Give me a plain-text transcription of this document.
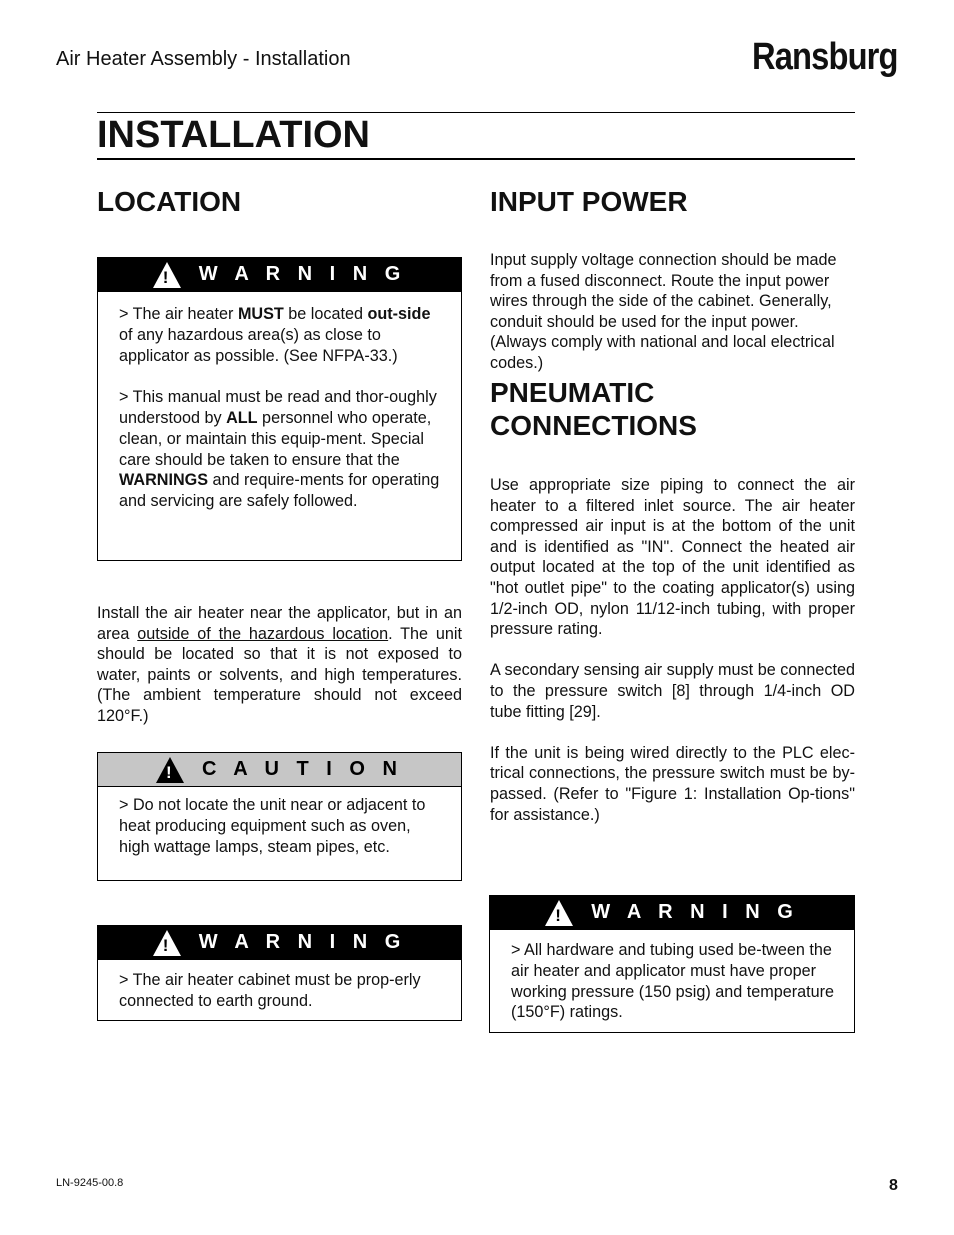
Air Heater Assembly - Installation	Ransburg
INSTALLATION
LOCATION
! W A R N I N G

> The air heater MUST be located out-side of any hazardous area(s) as close to applicator as possible. (See NFPA-33.)

> This manual must be read and thor-oughly understood by ALL personnel who operate, clean, or maintain this equip-ment. Special care should be taken to ensure that the WARNINGS and require-ments for operating and servicing are safely followed.

Install the air heater near the applicator, but in an area outside of the hazardous location. The unit should be located so that it is not exposed to water, paints or solvents, and high temperatures. (The ambient temperature should not exceed 120°F.)

! C A U T I O N

> Do not locate the unit near or adjacent to heat producing equipment such as oven, high wattage lamps, steam pipes, etc.

! W A R N I N G

> The air heater cabinet must be prop-erly connected to earth ground.

INPUT POWER

Input supply voltage connection should be made from a fused disconnect. Route the input power wires through the side of the cabinet. Generally, conduit should be used for the input power. (Always comply with national and local electrical codes.)

PNEUMATIC
CONNECTIONS

Use appropriate size piping to connect the air heater to a filtered inlet source. The air heater compressed air input is at the bottom of the unit and is identified as "IN". Connect the heated air output located at the top of the unit identified as "hot outlet pipe" to the coating applicator(s) using 1/2-inch OD, nylon 11/12-inch tubing, with proper pressure rating.

A secondary sensing air supply must be connected to the pressure switch [8] through 1/4-inch OD tube fitting [29].

If the unit is being wired directly to the PLC elec-trical connections, the pressure switch must be by-passed. (Refer to "Figure 1: Installation Op-tions" for assistance.)

! W A R N I N G

> All hardware and tubing used be-tween the air heater and applicator must have proper working pressure (150 psig) and temperature (150°F) ratings.

LN-9245-00.8	8
